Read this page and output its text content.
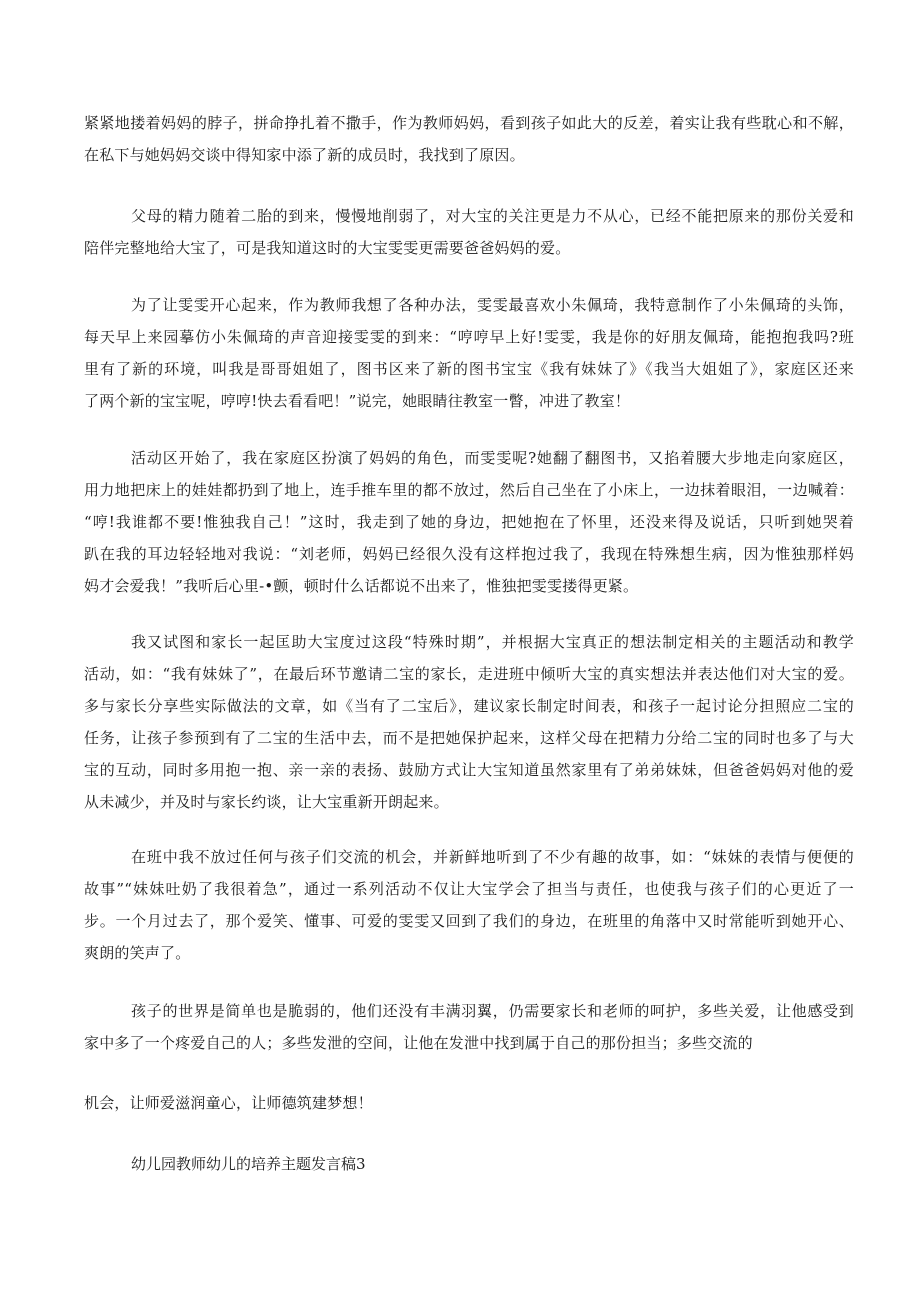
紧紧地搂着妈妈的脖子，拼命挣扎着不撒手，作为教师妈妈，看到孩子如此大的反差，着实让我有些耽心和不解，
在私下与她妈妈交谈中得知家中添了新的成员时，我找到了原因。
父母的精力随着二胎的到来，慢慢地削弱了，对大宝的关注更是力不从心，已经不能把原来的那份关爱和
陪伴完整地给大宝了，可是我知道这时的大宝雯雯更需要爸爸妈妈的爱。
为了让雯雯开心起来，作为教师我想了各种办法，雯雯最喜欢小朱佩琦，我特意制作了小朱佩琦的头饰，
每天早上来园摹仿小朱佩琦的声音迎接雯雯的到来：“哼哼早上好!雯雯，我是你的好朋友佩琦，能抱抱我吗?班
里有了新的环境，叫我是哥哥姐姐了，图书区来了新的图书宝宝《我有妹妹了》《我当大姐姐了》，家庭区还来
了两个新的宝宝呢，哼哼!快去看看吧！”说完，她眼睛往教室一瞥，冲进了教室！
活动区开始了，我在家庭区扮演了妈妈的角色，而雯雯呢?她翻了翻图书，又掐着腰大步地走向家庭区，
用力地把床上的娃娃都扔到了地上，连手推车里的都不放过，然后自己坐在了小床上，一边抹着眼泪，一边喊着：
“哼!我谁都不要!惟独我自己！”这时，我走到了她的身边，把她抱在了怀里，还没来得及说话，只听到她哭着
趴在我的耳边轻轻地对我说：“刘老师，妈妈已经很久没有这样抱过我了，我现在特殊想生病，因为惟独那样妈
妈才会爱我！”我听后心里-•颤，顿时什么话都说不出来了，惟独把雯雯搂得更紧。
我又试图和家长一起匡助大宝度过这段“特殊时期”，并根据大宝真正的想法制定相关的主题活动和教学
活动，如：“我有妹妹了”，在最后环节邀请二宝的家长，走进班中倾听大宝的真实想法并表达他们对大宝的爱。
多与家长分享些实际做法的文章，如《当有了二宝后》，建议家长制定时间表，和孩子一起讨论分担照应二宝的
任务，让孩子参预到有了二宝的生活中去，而不是把她保护起来，这样父母在把精力分给二宝的同时也多了与大
宝的互动，同时多用抱一抱、亲一亲的表扬、鼓励方式让大宝知道虽然家里有了弟弟妹妹，但爸爸妈妈对他的爱
从未减少，并及时与家长约谈，让大宝重新开朗起来。
在班中我不放过任何与孩子们交流的机会，并新鲜地听到了不少有趣的故事，如：“妹妹的表情与便便的
故事”“妹妹吐奶了我很着急”，通过一系列活动不仅让大宝学会了担当与责任，也使我与孩子们的心更近了一
步。一个月过去了，那个爱笑、懂事、可爱的雯雯又回到了我们的身边，在班里的角落中又时常能听到她开心、
爽朗的笑声了。
孩子的世界是简单也是脆弱的，他们还没有丰满羽翼，仍需要家长和老师的呵护，多些关爱，让他感受到
家中多了一个疼爱自己的人；多些发泄的空间，让他在发泄中找到属于自己的那份担当；多些交流的
机会，让师爱滋润童心，让师德筑建梦想！
幼儿园教师幼儿的培养主题发言稿3
